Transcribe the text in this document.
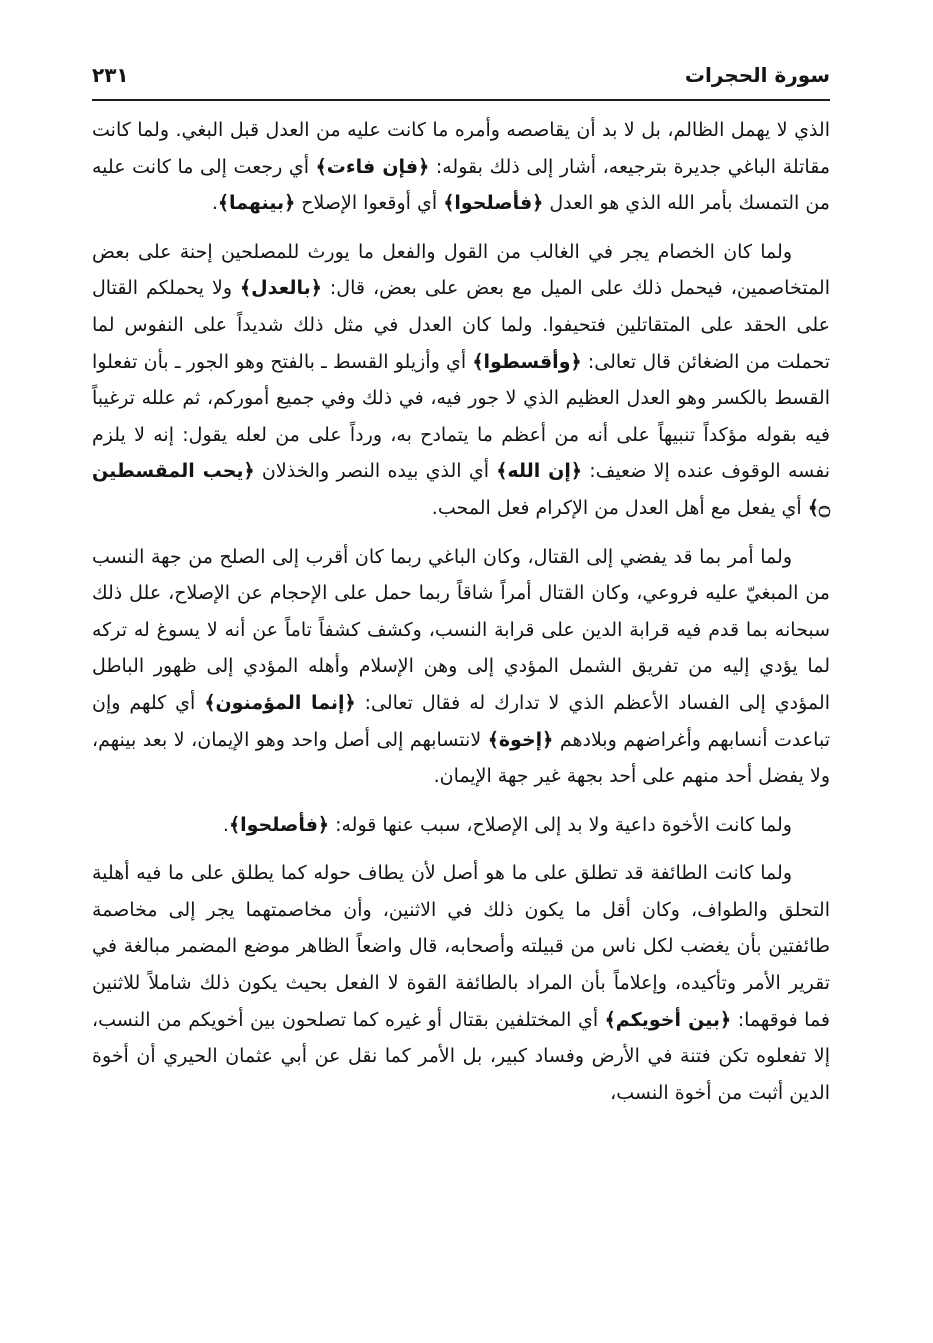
سورة الحجرات
٢٣١

الذي لا يهمل الظالم، بل لا بد أن يقاصصه وأمره ما كانت عليه من العدل قبل البغي. ولما كانت مقاتلة الباغي جديرة بترجيعه، أشار إلى ذلك بقوله: ﴿فإن فاءت﴾ أي رجعت إلى ما كانت عليه من التمسك بأمر الله الذي هو العدل ﴿فأصلحوا﴾ أي أوقعوا الإصلاح ﴿بينهما﴾.

ولما كان الخصام يجر في الغالب من القول والفعل ما يورث للمصلحين إحنة على بعض المتخاصمين، فيحمل ذلك على الميل مع بعض على بعض، قال: ﴿بالعدل﴾ ولا يحملكم القتال على الحقد على المتقاتلين فتحيفوا. ولما كان العدل في مثل ذلك شديداً على النفوس لما تحملت من الضغائن قال تعالى: ﴿وأقسطوا﴾ أي وأزيلو القسط ـ بالفتح وهو الجور ـ بأن تفعلوا القسط بالكسر وهو العدل العظيم الذي لا جور فيه، في ذلك وفي جميع أموركم، ثم علله ترغيباً فيه بقوله مؤكداً تنبيهاً على أنه من أعظم ما يتمادح به، ورداً على من لعله يقول: إنه لا يلزم نفسه الوقوف عنده إلا ضعيف: ﴿إن الله﴾ أي الذي بيده النصر والخذلان ﴿يحب المقسطين ۝﴾ أي يفعل مع أهل العدل من الإكرام فعل المحب.

ولما أمر بما قد يفضي إلى القتال، وكان الباغي ربما كان أقرب إلى الصلح من جهة النسب من المبغيّ عليه فروعي، وكان القتال أمراً شاقاً ربما حمل على الإحجام عن الإصلاح، علل ذلك سبحانه بما قدم فيه قرابة الدين على قرابة النسب، وكشف كشفاً تاماً عن أنه لا يسوغ له تركه لما يؤدي إليه من تفريق الشمل المؤدي إلى وهن الإسلام وأهله المؤدي إلى ظهور الباطل المؤدي إلى الفساد الأعظم الذي لا تدارك له فقال تعالى: ﴿إنما المؤمنون﴾ أي كلهم وإن تباعدت أنسابهم وأغراضهم وبلادهم ﴿إخوة﴾ لانتسابهم إلى أصل واحد وهو الإيمان، لا بعد بينهم، ولا يفضل أحد منهم على أحد بجهة غير جهة الإيمان.

ولما كانت الأخوة داعية ولا بد إلى الإصلاح، سبب عنها قوله: ﴿فأصلحوا﴾.

ولما كانت الطائفة قد تطلق على ما هو أصل لأن يطاف حوله كما يطلق على ما فيه أهلية التحلق والطواف، وكان أقل ما يكون ذلك في الاثنين، وأن مخاصمتهما يجر إلى مخاصمة طائفتين بأن يغضب لكل ناس من قبيلته وأصحابه، قال واضعاً الظاهر موضع المضمر مبالغة في تقرير الأمر وتأكيده، وإعلاماً بأن المراد بالطائفة القوة لا الفعل بحيث يكون ذلك شاملاً للاثنين فما فوقهما: ﴿بين أخويكم﴾ أي المختلفين بقتال أو غيره كما تصلحون بين أخويكم من النسب، إلا تفعلوه تكن فتنة في الأرض وفساد كبير، بل الأمر كما نقل عن أبي عثمان الحيري أن أخوة الدين أثبت من أخوة النسب،
